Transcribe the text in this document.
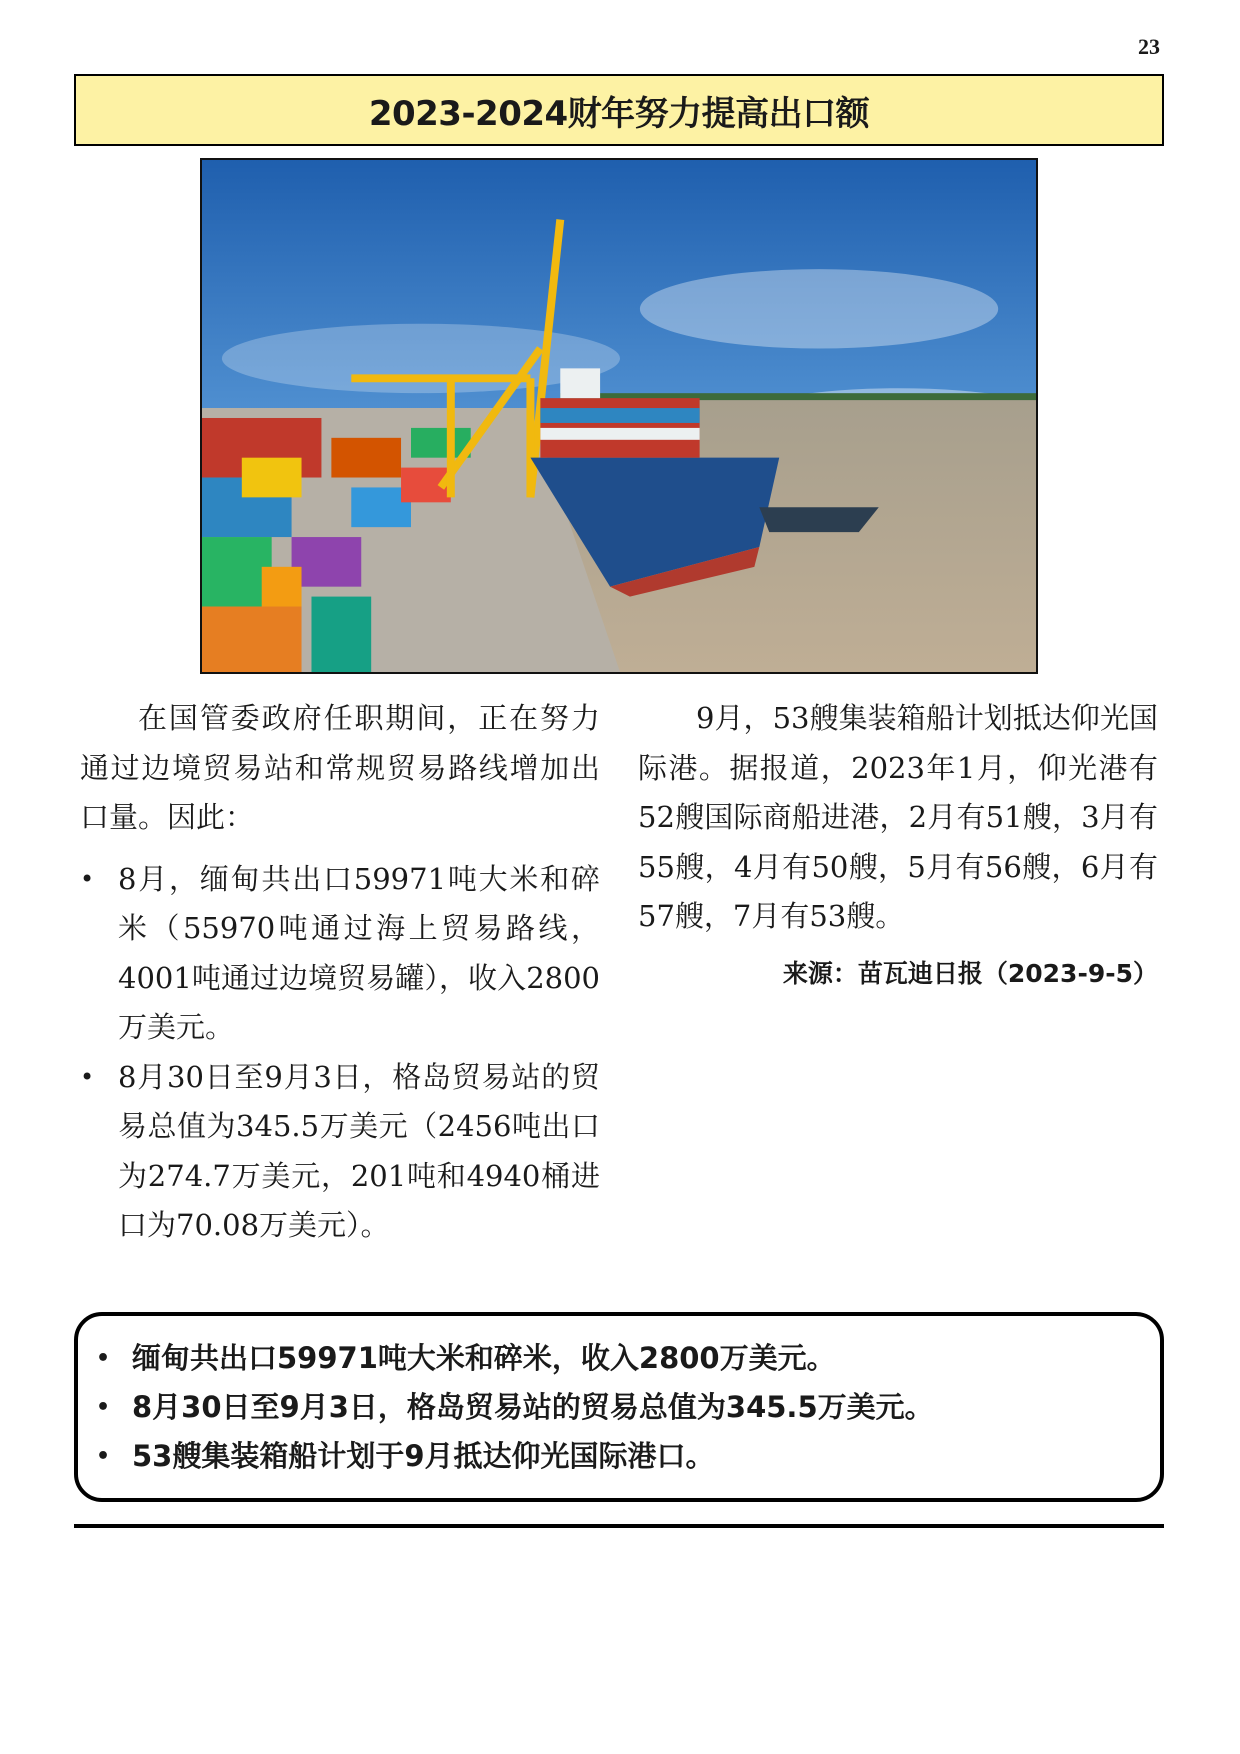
23
2023-2024财年努力提高出口额

在国管委政府任职期间，正在努力通过边境贸易站和常规贸易路线增加出口量。因此：

• 8月，缅甸共出口59971吨大米和碎米（55970吨通过海上贸易路线，4001吨通过边境贸易罐），收入2800万美元。
• 8月30日至9月3日，格岛贸易站的贸易总值为345.5万美元（2456吨出口为274.7万美元，201吨和4940桶进口为70.08万美元）。

9月，53艘集装箱船计划抵达仰光国际港。据报道，2023年1月，仰光港有52艘国际商船进港，2月有51艘，3月有55艘，4月有50艘，5月有56艘，6月有57艘，7月有53艘。

来源：苗瓦迪日报（2023-9-5）
• 缅甸共出口59971吨大米和碎米，收入2800万美元。
• 8月30日至9月3日，格岛贸易站的贸易总值为345.5万美元。
• 53艘集装箱船计划于9月抵达仰光国际港口。
